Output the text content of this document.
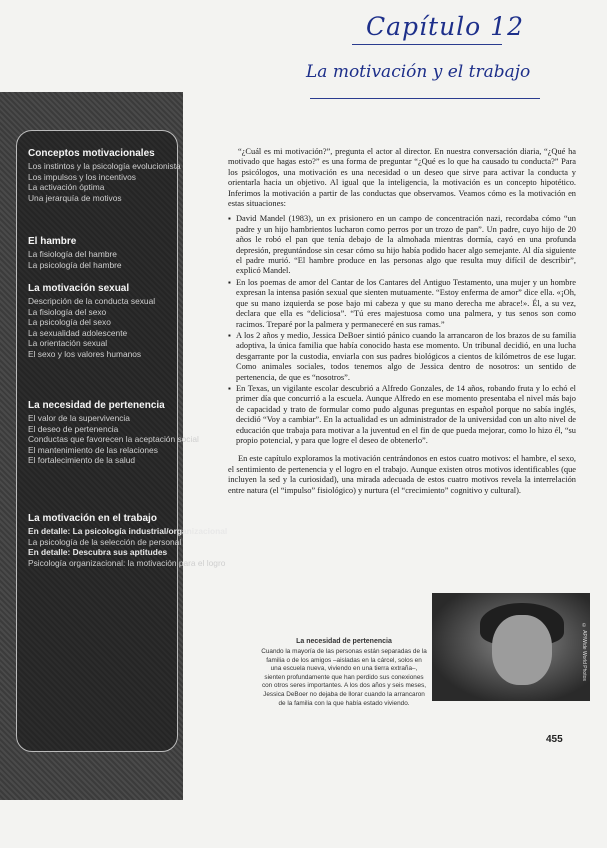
Capítulo 12
La motivación y el trabajo

Conceptos motivacionales

Los instintos y la psicología evolucionista

Los impulsos y los incentivos

La activación óptima

Una jerarquía de motivos

El hambre

La fisiología del hambre

La psicología del hambre

La motivación sexual

Descripción de la conducta sexual

La fisiología del sexo

La psicología del sexo

La sexualidad adolescente

La orientación sexual

El sexo y los valores humanos

La necesidad de pertenencia

El valor de la supervivencia

El deseo de pertenencia

Conductas que favorecen la aceptación social

El mantenimiento de las relaciones

El fortalecimiento de la salud

La motivación en el trabajo

En detalle: La psicología industrial/organizacional

La psicología de la selección de personal

En detalle: Descubra sus aptitudes

Psicología organizacional: la motivación para el logro

“¿Cuál es mi motivación?”, pregunta el actor al director. En nuestra conversación diaria, “¿Qué ha motivado que hagas esto?” es una forma de preguntar “¿Qué es lo que ha causado tu conducta?” Para los psicólogos, una motivación es una necesidad o un deseo que sirve para activar la conducta y orientarla hacia un objetivo. Al igual que la inteligencia, la motivación es un concepto hipotético. Inferimos la motivación a partir de las conductas que observamos. Veamos cómo es la motivación en estas situaciones:

▪ David Mandel (1983), un ex prisionero en un campo de concentración nazi, recordaba cómo “un padre y un hijo hambrientos lucharon como perros por un trozo de pan”. Un padre, cuyo hijo de 20 años le robó el pan que tenía debajo de la almohada mientras dormía, cayó en una profunda depresión, preguntándose sin cesar cómo su hijo había podido hacer algo semejante. Al día siguiente el padre murió. “El hambre produce en las personas algo que resulta muy difícil de describir”, explicó Mandel.
▪ En los poemas de amor del Cantar de los Cantares del Antiguo Testamento, una mujer y un hombre expresan la intensa pasión sexual que sienten mutuamente. “Estoy enferma de amor” dice ella. «¡Oh, que su mano izquierda se pose bajo mi cabeza y que su mano derecha me abrace!». Él, a su vez, declara que ella es “deliciosa”. “Tú eres majestuosa como una palmera, y tus senos son como racimos. Treparé por la palmera y permaneceré en sus ramas.”
▪ A los 2 años y medio, Jessica DeBoer sintió pánico cuando la arrancaron de los brazos de su familia adoptiva, la única familia que había conocido hasta ese momento. Un tribunal decidió, en una lucha desgarrante por la custodia, enviarla con sus padres biológicos a cientos de kilómetros de ese lugar. Como animales sociales, todos tenemos algo de Jessica dentro de nosotros: un sentido de pertenencia, de que es “nosotros”.
▪ En Texas, un vigilante escolar descubrió a Alfredo Gonzales, de 14 años, robando fruta y lo echó el primer día que concurrió a la escuela. Aunque Alfredo en ese momento presentaba el nivel más bajo de capacidad y trato de formular como pudo algunas preguntas en español porque no sabía inglés, decidió “Voy a cambiar”. En la actualidad es un administrador de la universidad con un alto nivel de educación que trabaja para motivar a la juventud en el fin de que pueda mejorar, como lo hizo él, “su propio potencial, y para que logre el deseo de obtenerlo”.

En este capítulo exploramos la motivación centrándonos en estos cuatro motivos: el hambre, el sexo, el sentimiento de pertenencia y el logro en el trabajo. Aunque existen otros motivos identificables (que incluyen la sed y la curiosidad), una mirada adecuada de estos cuatro motivos revela la interrelación entre natura (el “impulso” fisiológico) y nurtura (el “crecimiento” cognitivo y cultural).

La necesidad de pertenencia

Cuando la mayoría de las personas están separadas de la familia o de los amigos –aisladas en la cárcel, solos en una escuela nueva, viviendo en una tierra extraña–, sienten profundamente que han perdido sus conexiones con otros seres importantes. A los dos años y seis meses, Jessica DeBoer no dejaba de llorar cuando la arrancaron de la familia con la que había estado viviendo.

© AP/Wide World Photos
455
